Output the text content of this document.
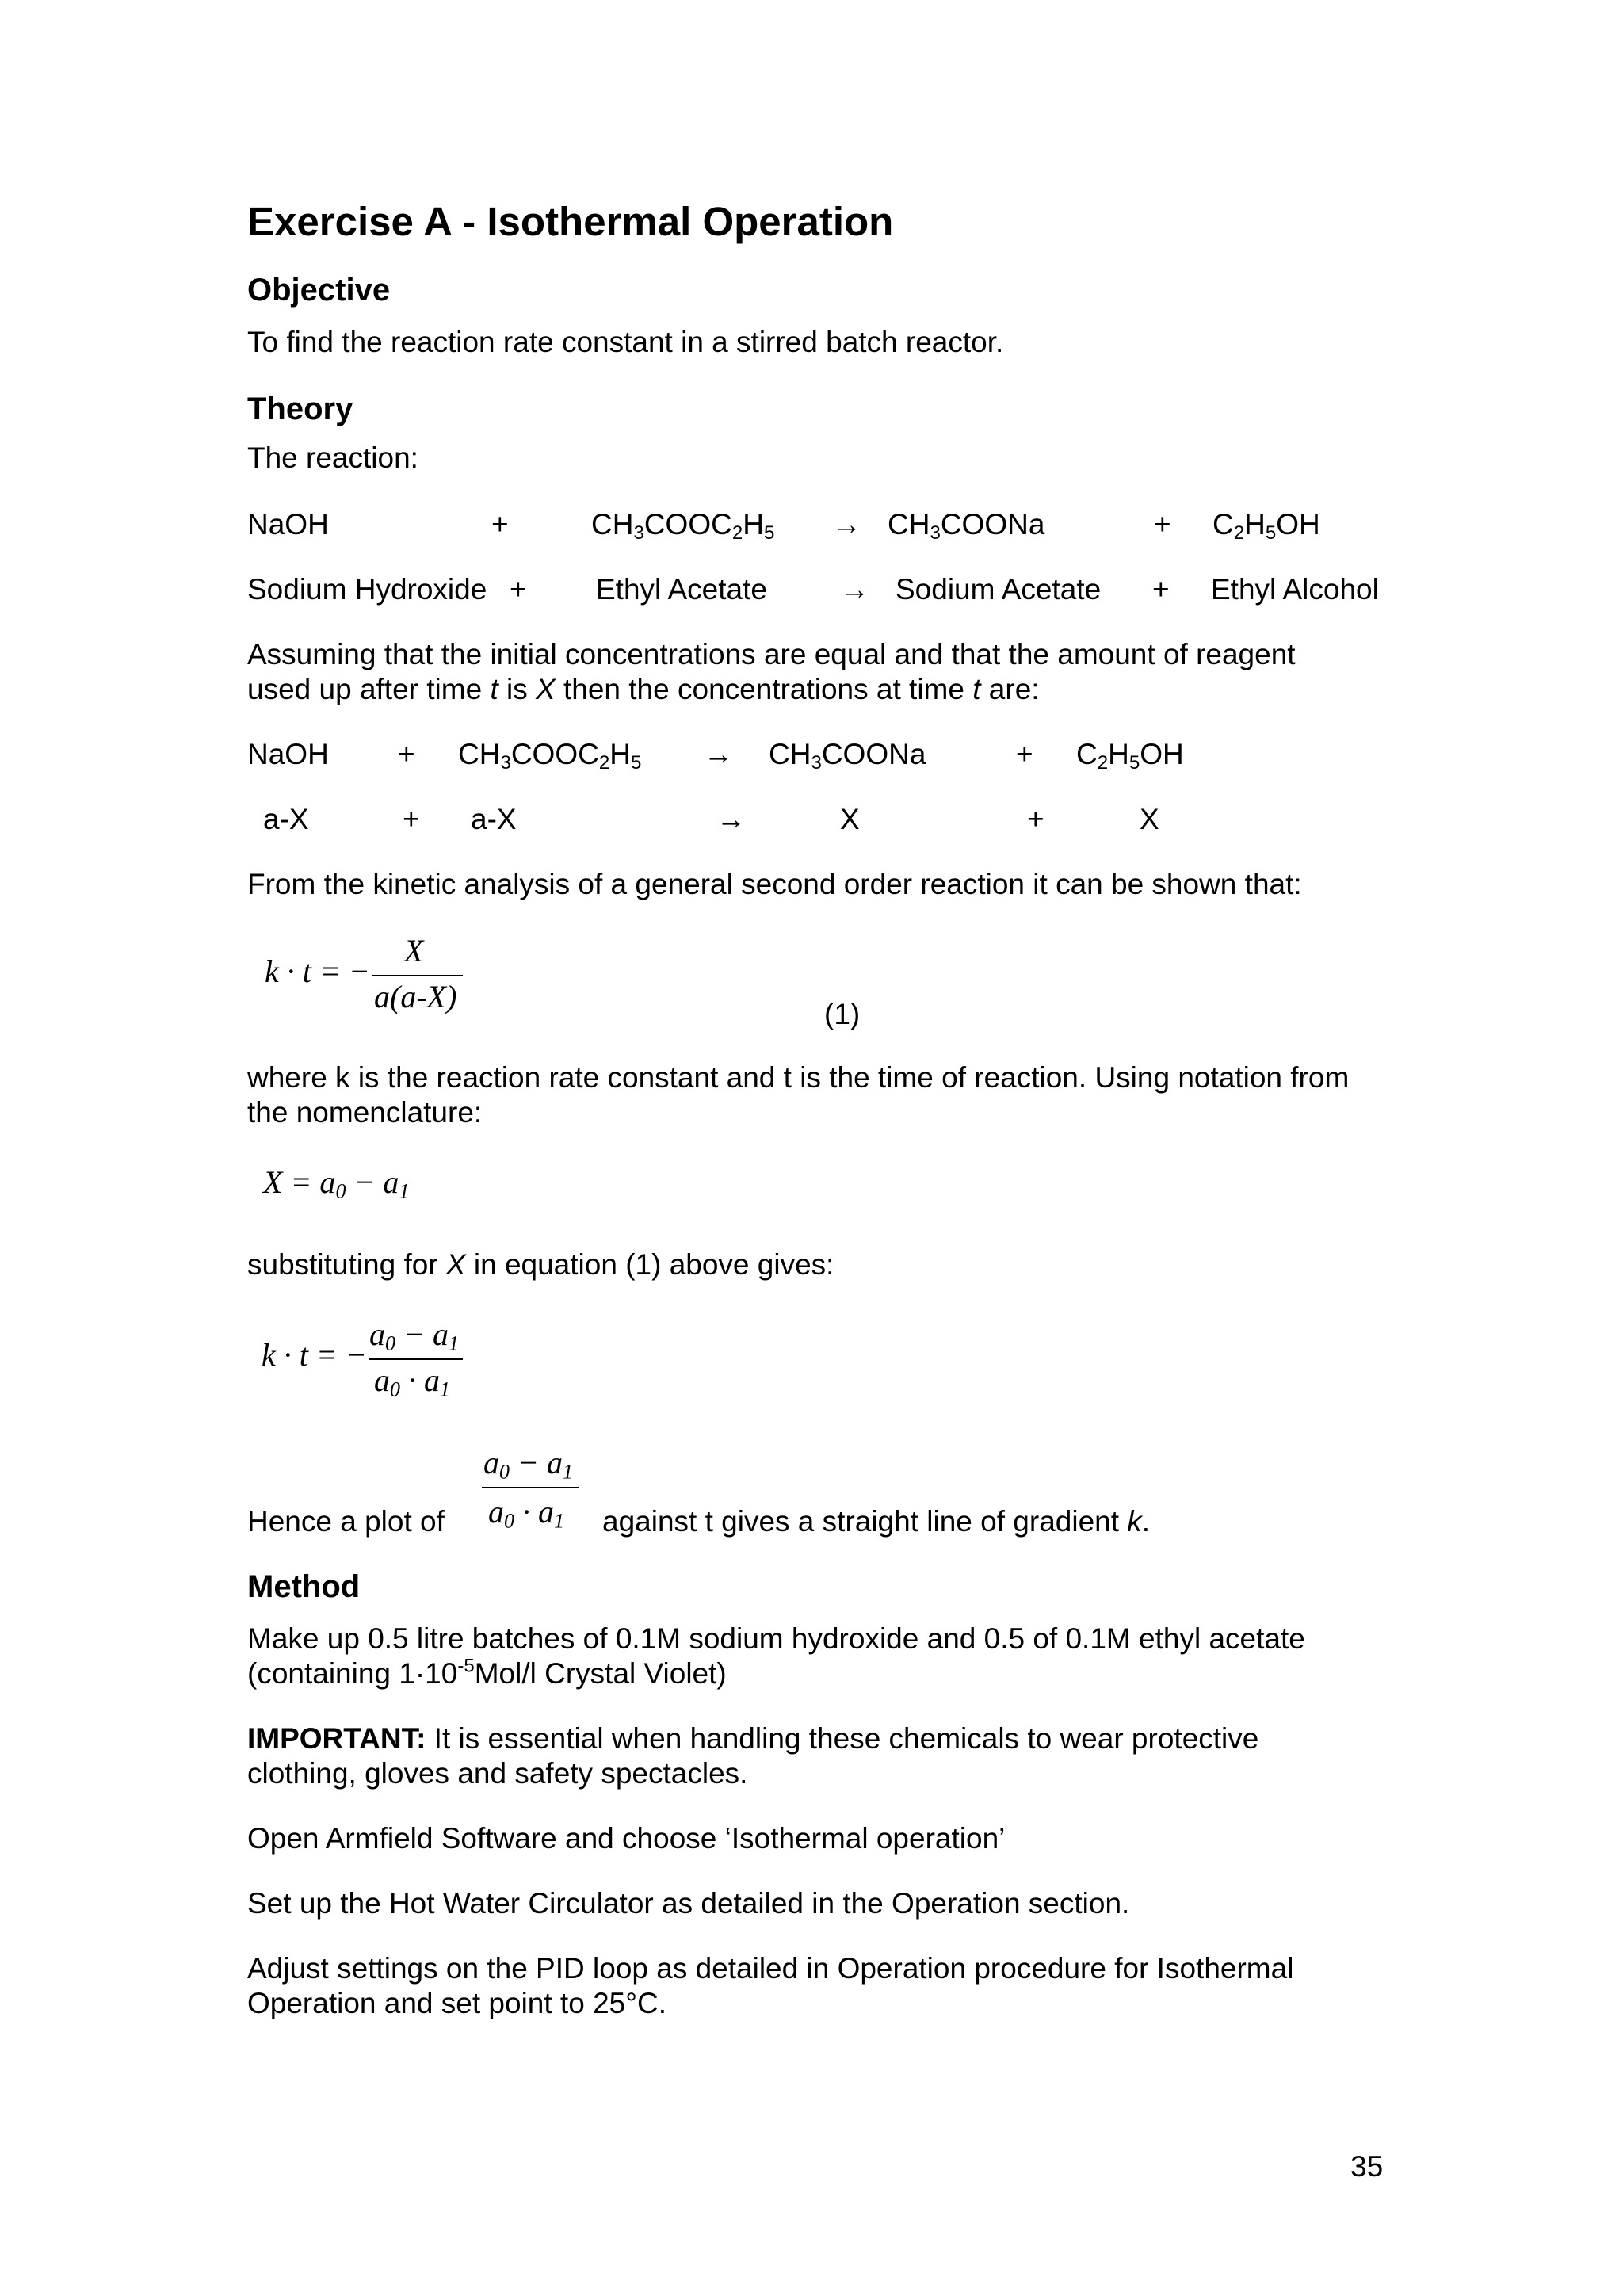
Exercise A - Isothermal Operation
Objective
To find the reaction rate constant in a stirred batch reactor.
Theory
The reaction:
NaOH	+	$CH_3COOC_2H_5$ → $CH_3COONa$	+ $C_2H_5OH$
Sodium Hydroxide + Ethyl Acetate → Sodium Acetate + Ethyl Alcohol
Assuming that the initial concentrations are equal and that the amount of reagent
used up after time t is X then the concentrations at time t are:
NaOH + $CH_3COOC_2H_5$ → $CH_3COONa$	+ $C_2H_5OH$
a-X	+ a-X	→	X	+	X
From the kinetic analysis of a general second order reaction it can be shown that:
k · t = −
X
a(a-X)	(1)
where k is the reaction rate constant and t is the time of reaction. Using notation from
the nomenclature:
$X = a_0 - a_1$
substituting for X in equation (1) above gives:
k · t = −
$a_0 - a_1$
$a_0 \cdot a_1$
Hence a plot of
$a_0 - a_1$
$a_0 \cdot a_1$ against t gives a straight line of gradient k.
Method
Make up 0.5 litre batches of 0.1M sodium hydroxide and 0.5 of 0.1M ethyl acetate
(containing $1\cdot 10^{-5}Mol/l$ Crystal Violet)
IMPORTANT: It is essential when handling these chemicals to wear protective
clothing, gloves and safety spectacles.
Open Armfield Software and choose ‘Isothermal operation’
Set up the Hot Water Circulator as detailed in the Operation section.
Adjust settings on the PID loop as detailed in Operation procedure for Isothermal
Operation and set point to 25°C.
35
